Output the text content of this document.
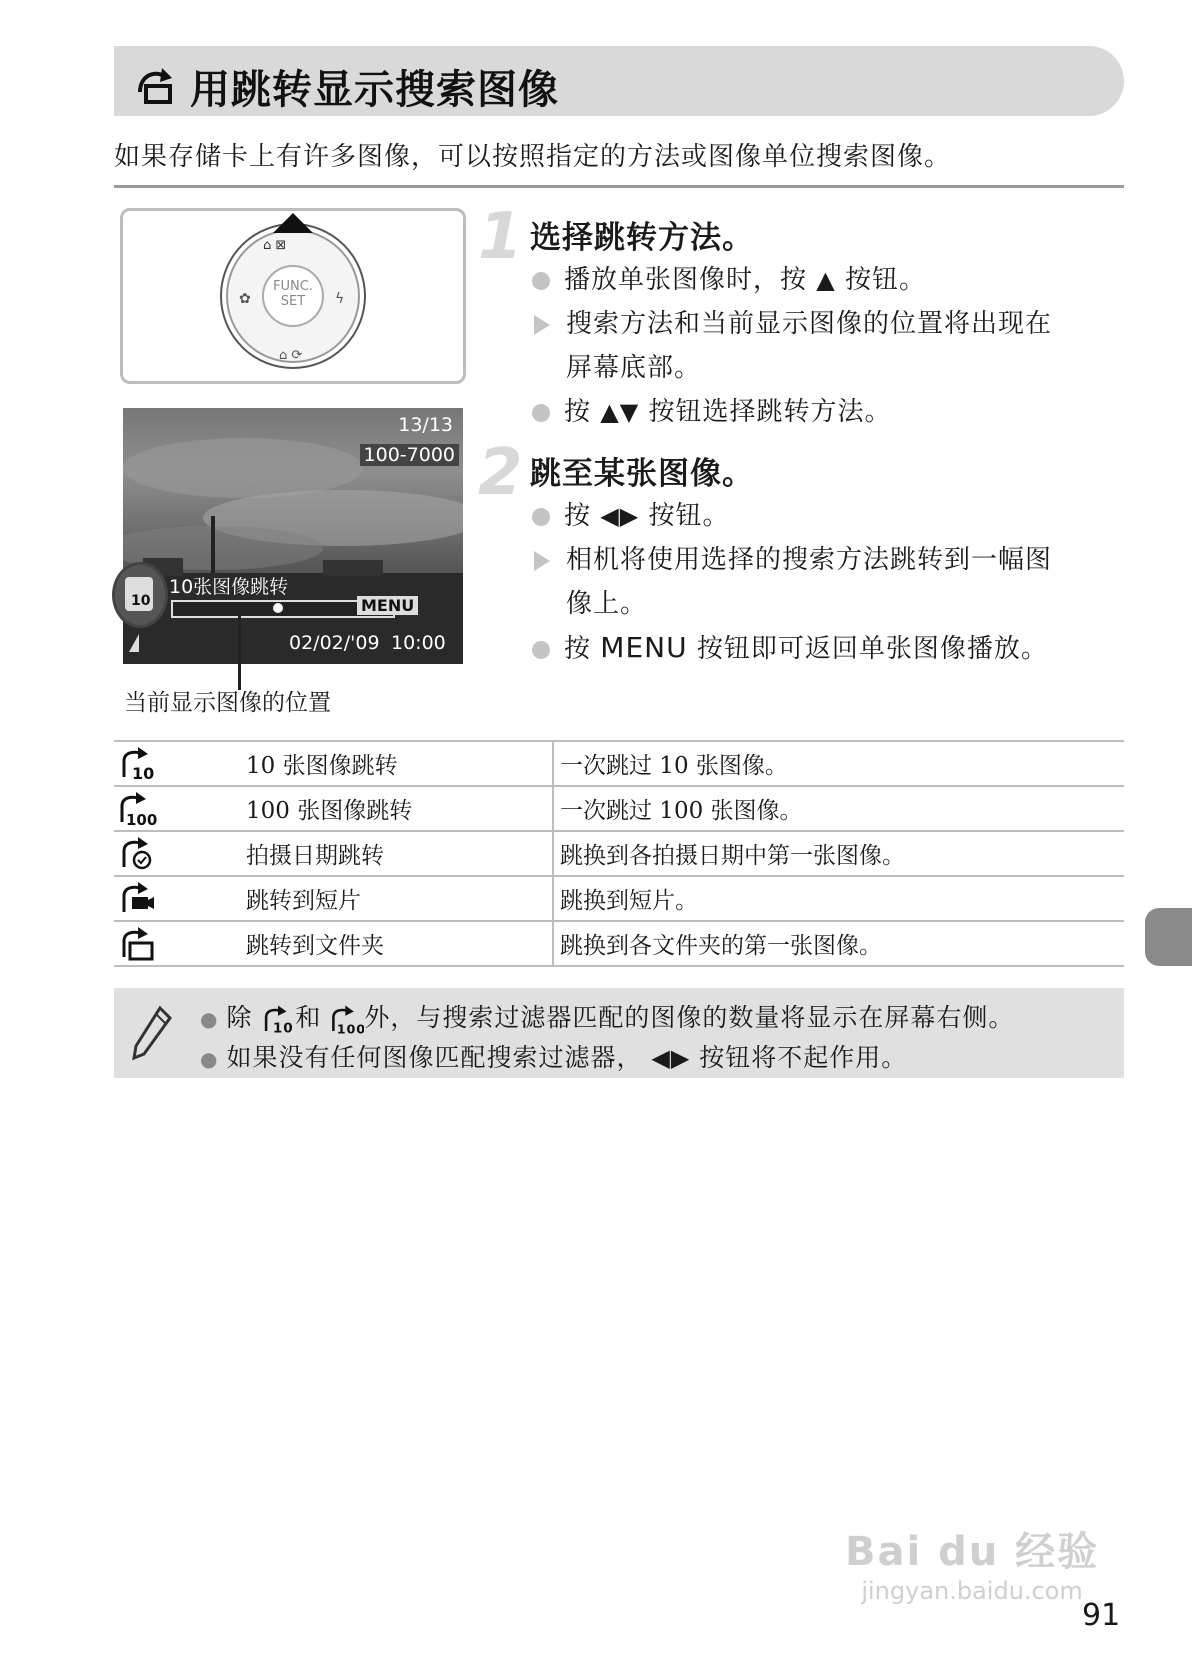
用跳转显示搜索图像
如果存储卡上有许多图像，可以按照指定的方法或图像单位搜索图像。
⌂ ⊠
✿	ϟ
⌂ ⟳
FUNC.
SET
13/13
100-7000
10张图像跳转
MENU
02/02/'09 10:00
10
当前显示图像的位置
1 选择跳转方法。
播放单张图像时，按 ▲ 按钮。
搜索方法和当前显示图像的位置将出现在
屏幕底部。
按 ▲▼ 按钮选择跳转方法。
2 跳至某张图像。
按 ◀▶ 按钮。
相机将使用选择的搜索方法跳转到一幅图
像上。
按 MENU 按钮即可返回单张图像播放。
10	10 张图像跳转	一次跳过 10 张图像。

100	100 张图像跳转	一次跳过 100 张图像。

	拍摄日期跳转	跳换到各拍摄日期中第一张图像。

	跳转到短片	跳换到短片。

	跳转到文件夹	跳换到各文件夹的第一张图像。
● 除 10 和 100
外，与搜索过滤器匹配的图像的数量将显示在屏幕右侧。
● 如果没有任何图像匹配搜索过滤器， ◀▶ 按钮将不起作用。
Bai du 经验
jingyan.baidu.com
91
